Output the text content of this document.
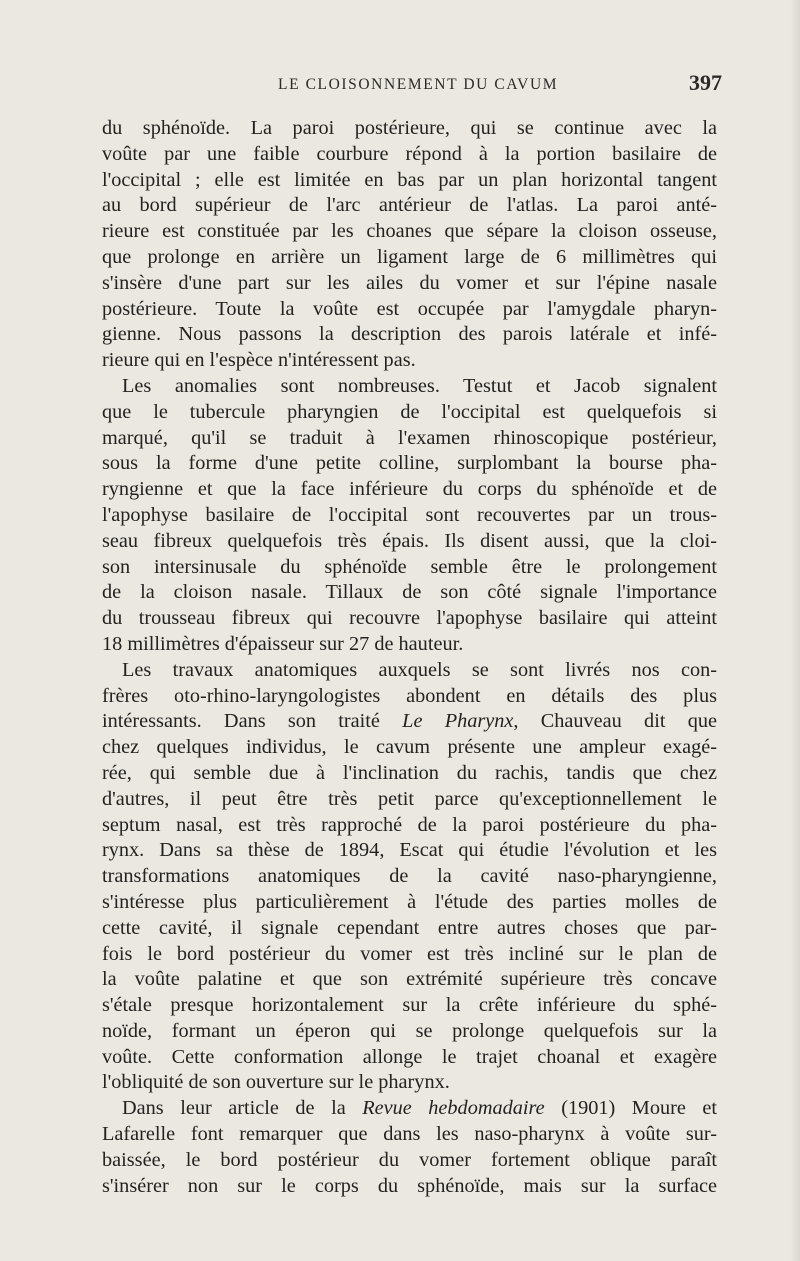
LE CLOISONNEMENT DU CAVUM	397
du sphénoïde. La paroi postérieure, qui se continue avec la
voûte par une faible courbure répond à la portion basilaire de
l'occipital ; elle est limitée en bas par un plan horizontal tangent
au bord supérieur de l'arc antérieur de l'atlas. La paroi anté-
rieure est constituée par les choanes que sépare la cloison osseuse,
que prolonge en arrière un ligament large de 6 millimètres qui
s'insère d'une part sur les ailes du vomer et sur l'épine nasale
postérieure. Toute la voûte est occupée par l'amygdale pharyn-
gienne. Nous passons la description des parois latérale et infé-
rieure qui en l'espèce n'intéressent pas.
Les anomalies sont nombreuses. Testut et Jacob signalent
que le tubercule pharyngien de l'occipital est quelquefois si
marqué, qu'il se traduit à l'examen rhinoscopique postérieur,
sous la forme d'une petite colline, surplombant la bourse pha-
ryngienne et que la face inférieure du corps du sphénoïde et de
l'apophyse basilaire de l'occipital sont recouvertes par un trous-
seau fibreux quelquefois très épais. Ils disent aussi, que la cloi-
son intersinusale du sphénoïde semble être le prolongement
de la cloison nasale. Tillaux de son côté signale l'importance
du trousseau fibreux qui recouvre l'apophyse basilaire qui atteint
18 millimètres d'épaisseur sur 27 de hauteur.
Les travaux anatomiques auxquels se sont livrés nos con-
frères oto-rhino-laryngologistes abondent en détails des plus
intéressants. Dans son traité Le Pharynx, Chauveau dit que
chez quelques individus, le cavum présente une ampleur exagé-
rée, qui semble due à l'inclination du rachis, tandis que chez
d'autres, il peut être très petit parce qu'exceptionnellement le
septum nasal, est très rapproché de la paroi postérieure du pha-
rynx. Dans sa thèse de 1894, Escat qui étudie l'évolution et les
transformations anatomiques de la cavité naso-pharyngienne,
s'intéresse plus particulièrement à l'étude des parties molles de
cette cavité, il signale cependant entre autres choses que par-
fois le bord postérieur du vomer est très incliné sur le plan de
la voûte palatine et que son extrémité supérieure très concave
s'étale presque horizontalement sur la crête inférieure du sphé-
noïde, formant un éperon qui se prolonge quelquefois sur la
voûte. Cette conformation allonge le trajet choanal et exagère
l'obliquité de son ouverture sur le pharynx.
Dans leur article de la Revue hebdomadaire (1901) Moure et
Lafarelle font remarquer que dans les naso-pharynx à voûte sur-
baissée, le bord postérieur du vomer fortement oblique paraît
s'insérer non sur le corps du sphénoïde, mais sur la surface
